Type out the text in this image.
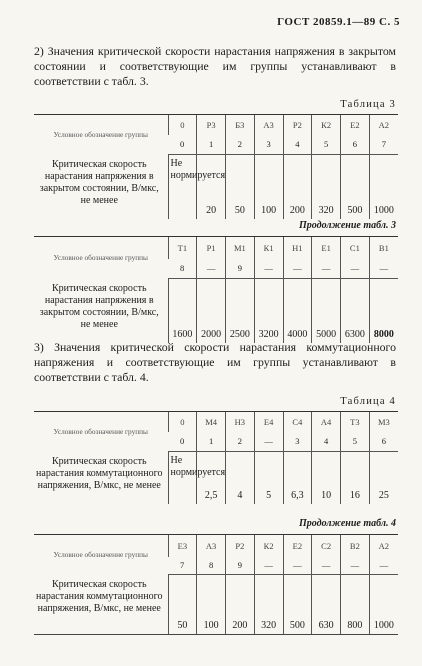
ГОСТ 20859.1—89 С. 5
2) Значения критической скорости нарастания напряжения в закрытом состоянии и соответствующие им группы устанавливают в соответствии с табл. 3.
Таблица 3
Условное обозначение группы	0	Р3	Б3	А3	Р2	К2	Е2	А2
	0	1	2	3	4	5	6	7
Критическая скорость нарастания напряжения в закрытом состоянии, В/мкс, не менее	Не нормируется	20	50	100	200	320	500	1000
Продолжение табл. 3
Условное обозначение группы	Т1	Р1	М1	К1	Н1	Е1	С1	В1
	8	—	9	—	—	—	—	—
Критическая скорость нарастания напряжения в закрытом состоянии, В/мкс, не менее	1600	2000	2500	3200	4000	5000	6300	8000
3) Значения критической скорости нарастания коммутационного напряжения и соответствующие им группы устанавливают в соответствии с табл. 4.
Таблица 4
Условное обозначение группы	0	М4	Н3	Е4	С4	А4	Т3	М3
	0	1	2	—	3	4	5	6
Критическая скорость нарастания коммутационного напряжения, В/мкс, не менее	Не нормируется	2,5	4	5	6,3	10	16	25
Продолжение табл. 4
Условное обозначение группы	Е3	А3	Р2	К2	Е2	С2	В2	А2
	7	8	9	—	—	—	—	—
Критическая скорость нарастания коммутационного напряжения, В/мкс, не менее	50	100	200	320	500	630	800	1000
